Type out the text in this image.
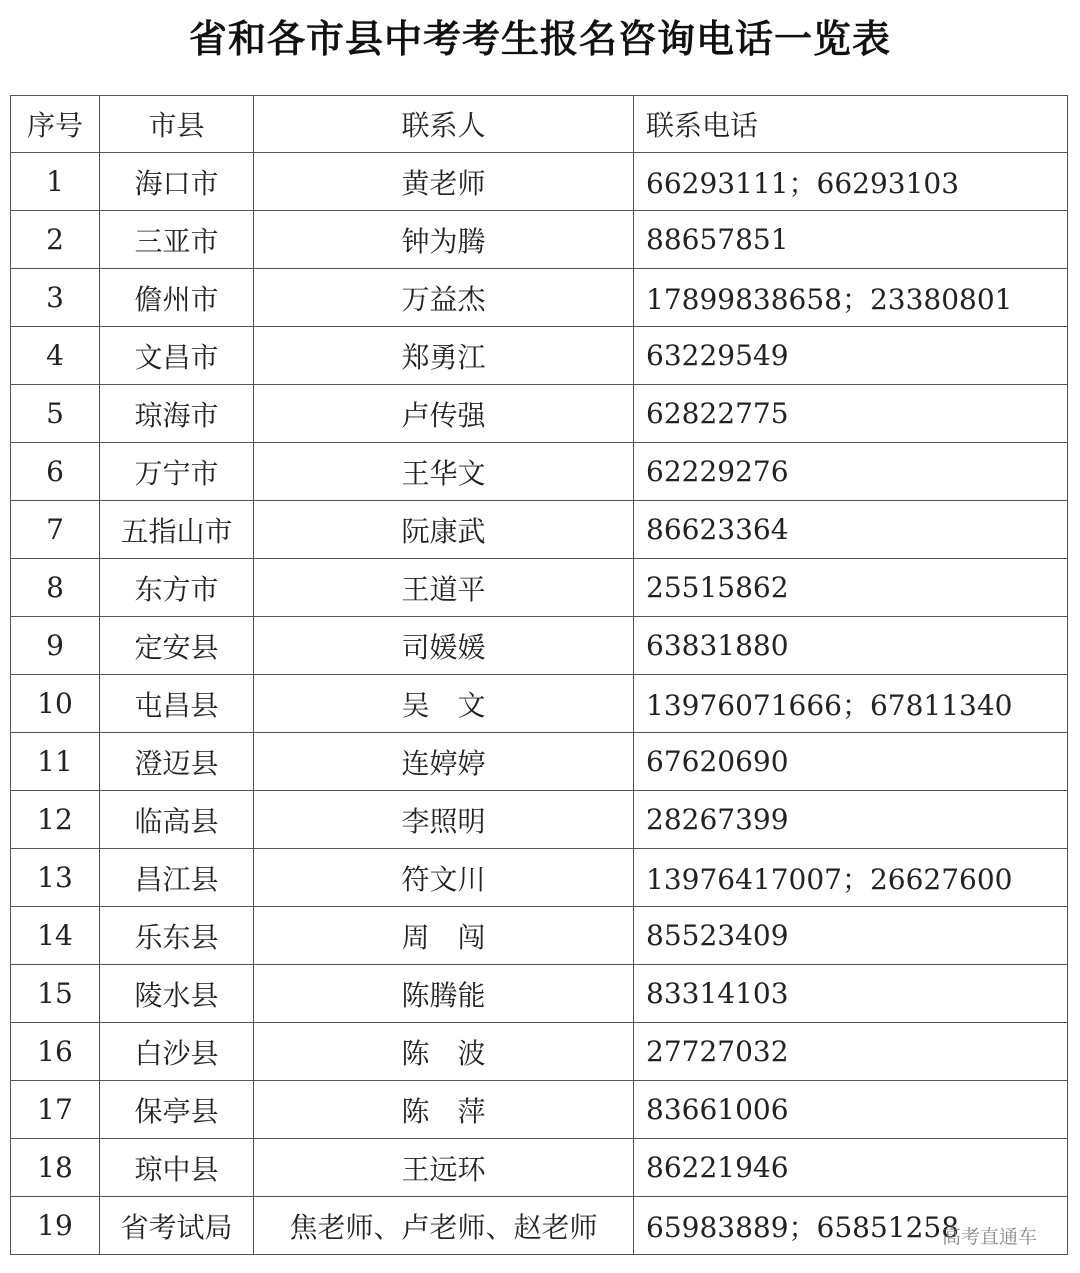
省和各市县中考考生报名咨询电话一览表
序号	市县	联系人	联系电话
1	海口市	黄老师	66293111；66293103
2	三亚市	钟为腾	88657851
3	儋州市	万益杰	17899838658；23380801
4	文昌市	郑勇江	63229549
5	琼海市	卢传强	62822775
6	万宁市	王华文	62229276
7	五指山市	阮康武	86623364
8	东方市	王道平	25515862
9	定安县	司媛媛	63831880
10	屯昌县	吴　文	13976071666；67811340
11	澄迈县	连婷婷	67620690
12	临高县	李照明	28267399
13	昌江县	符文川	13976417007；26627600
14	乐东县	周　闯	85523409
15	陵水县	陈腾能	83314103
16	白沙县	陈　波	27727032
17	保亭县	陈　萍	83661006
18	琼中县	王远环	86221946
19	省考试局	焦老师、卢老师、赵老师	65983889；65851258
高考直通车
